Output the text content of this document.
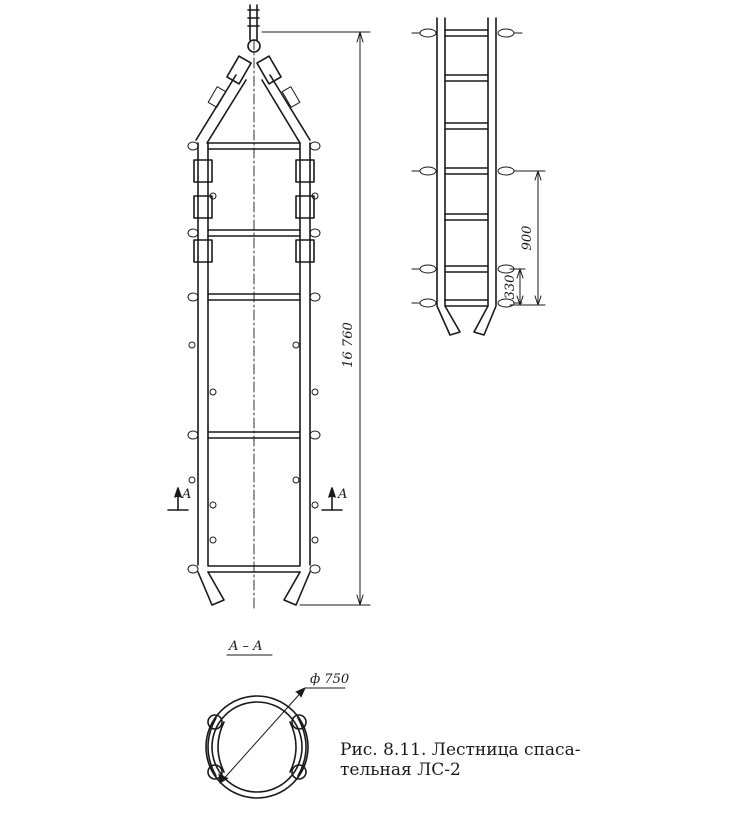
16 760
A	A
900
330
A – A
ф 750
Рис. 8.11. Лестница спаса-
тельная ЛС-2
